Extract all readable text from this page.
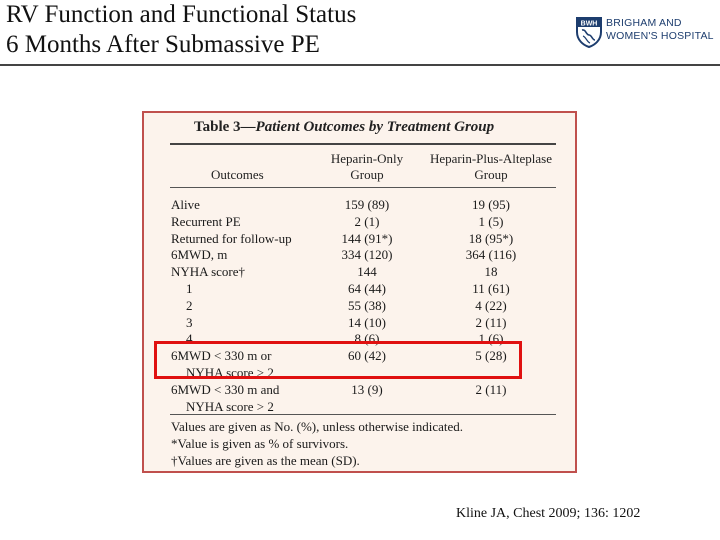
RV Function and Functional Status
6 Months After Submassive PE
BWH BRIGHAM AND
WOMEN'S HOSPITAL
Table 3—Patient Outcomes by Treatment Group
Outcomes
Heparin-Only
Group
Heparin-Plus-Alteplase
Group
Alive	159 (89)	19 (95)
Recurrent PE	2 (1)	1 (5)
Returned for follow-up	144 (91*)	18 (95*)
6MWD, m	334 (120)	364 (116)
NYHA score†	144	18
1	64 (44)	11 (61)
2	55 (38)	4 (22)
3	14 (10)	2 (11)
4	8 (6)	1 (6)
6MWD < 330 m or	60 (42)	5 (28)
NYHA score > 2
6MWD < 330 m and	13 (9)	2 (11)
NYHA score > 2
Values are given as No. (%), unless otherwise indicated.
*Value is given as % of survivors.
†Values are given as the mean (SD).
Kline JA, Chest 2009; 136: 1202
